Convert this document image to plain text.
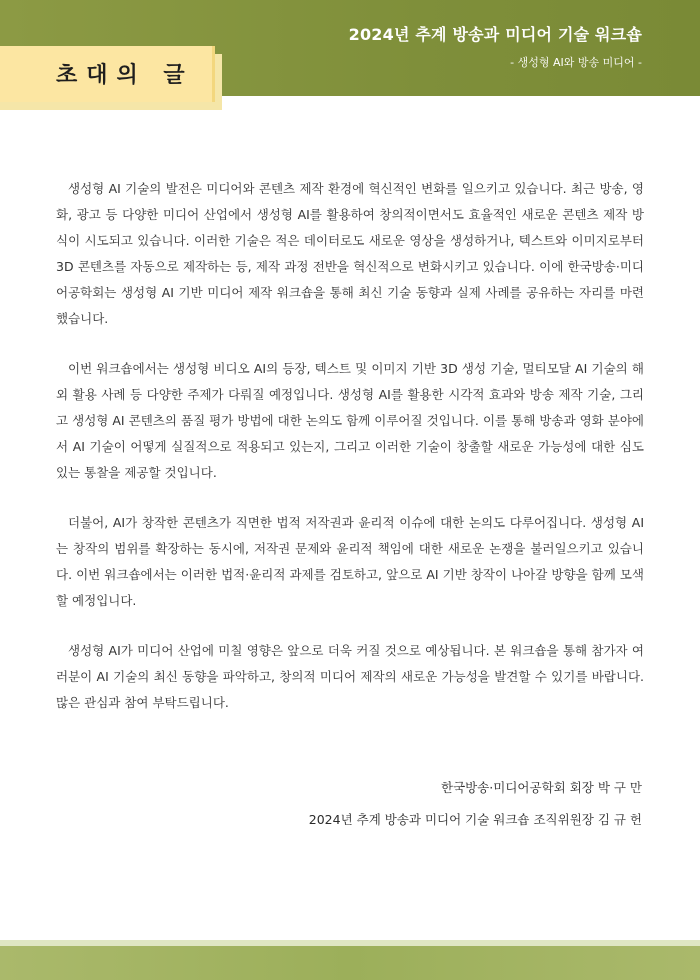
2024년 추계 방송과 미디어 기술 워크숍
- 생성형 AI와 방송 미디어 -
초대의 글

생성형 AI 기술의 발전은 미디어와 콘텐츠 제작 환경에 혁신적인 변화를 일으키고 있습니다. 최근 방송, 영화, 광고 등 다양한 미디어 산업에서 생성형 AI를 활용하여 창의적이면서도 효율적인 새로운 콘텐츠 제작 방식이 시도되고 있습니다. 이러한 기술은 적은 데이터로도 새로운 영상을 생성하거나, 텍스트와 이미지로부터 3D 콘텐츠를 자동으로 제작하는 등, 제작 과정 전반을 혁신적으로 변화시키고 있습니다. 이에 한국방송·미디어공학회는 생성형 AI 기반 미디어 제작 워크숍을 통해 최신 기술 동향과 실제 사례를 공유하는 자리를 마련했습니다.

이번 워크숍에서는 생성형 비디오 AI의 등장, 텍스트 및 이미지 기반 3D 생성 기술, 멀티모달 AI 기술의 해외 활용 사례 등 다양한 주제가 다뤄질 예정입니다. 생성형 AI를 활용한 시각적 효과와 방송 제작 기술, 그리고 생성형 AI 콘텐츠의 품질 평가 방법에 대한 논의도 함께 이루어질 것입니다. 이를 통해 방송과 영화 분야에서 AI 기술이 어떻게 실질적으로 적용되고 있는지, 그리고 이러한 기술이 창출할 새로운 가능성에 대한 심도 있는 통찰을 제공할 것입니다.

더불어, AI가 창작한 콘텐츠가 직면한 법적 저작권과 윤리적 이슈에 대한 논의도 다루어집니다. 생성형 AI는 창작의 범위를 확장하는 동시에, 저작권 문제와 윤리적 책임에 대한 새로운 논쟁을 불러일으키고 있습니다. 이번 워크숍에서는 이러한 법적·윤리적 과제를 검토하고, 앞으로 AI 기반 창작이 나아갈 방향을 함께 모색할 예정입니다.

생성형 AI가 미디어 산업에 미칠 영향은 앞으로 더욱 커질 것으로 예상됩니다. 본 워크숍을 통해 참가자 여러분이 AI 기술의 최신 동향을 파악하고, 창의적 미디어 제작의 새로운 가능성을 발견할 수 있기를 바랍니다. 많은 관심과 참여 부탁드립니다.

한국방송·미디어공학회 회장 박 구 만
2024년 추계 방송과 미디어 기술 워크숍 조직위원장 김 규 헌
